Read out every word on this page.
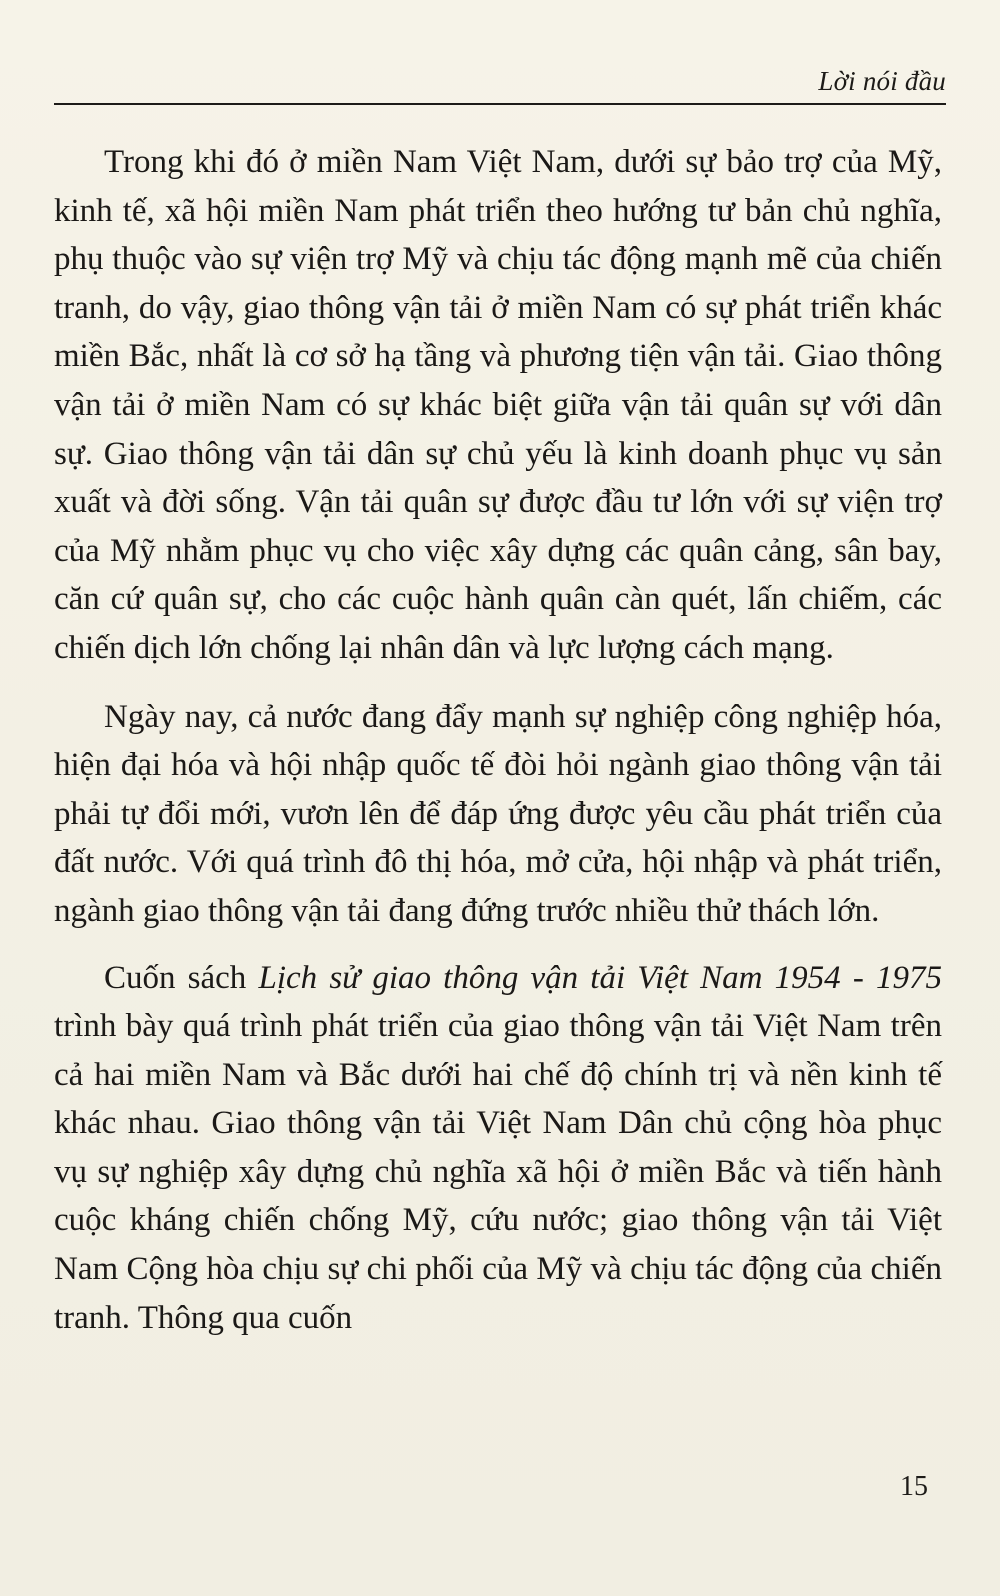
Lời nói đầu

Trong khi đó ở miền Nam Việt Nam, dưới sự bảo trợ của Mỹ, kinh tế, xã hội miền Nam phát triển theo hướng tư bản chủ nghĩa, phụ thuộc vào sự viện trợ Mỹ và chịu tác động mạnh mẽ của chiến tranh, do vậy, giao thông vận tải ở miền Nam có sự phát triển khác miền Bắc, nhất là cơ sở hạ tầng và phương tiện vận tải. Giao thông vận tải ở miền Nam có sự khác biệt giữa vận tải quân sự với dân sự. Giao thông vận tải dân sự chủ yếu là kinh doanh phục vụ sản xuất và đời sống. Vận tải quân sự được đầu tư lớn với sự viện trợ của Mỹ nhằm phục vụ cho việc xây dựng các quân cảng, sân bay, căn cứ quân sự, cho các cuộc hành quân càn quét, lấn chiếm, các chiến dịch lớn chống lại nhân dân và lực lượng cách mạng.

Ngày nay, cả nước đang đẩy mạnh sự nghiệp công nghiệp hóa, hiện đại hóa và hội nhập quốc tế đòi hỏi ngành giao thông vận tải phải tự đổi mới, vươn lên để đáp ứng được yêu cầu phát triển của đất nước. Với quá trình đô thị hóa, mở cửa, hội nhập và phát triển, ngành giao thông vận tải đang đứng trước nhiều thử thách lớn.

Cuốn sách Lịch sử giao thông vận tải Việt Nam 1954 - 1975 trình bày quá trình phát triển của giao thông vận tải Việt Nam trên cả hai miền Nam và Bắc dưới hai chế độ chính trị và nền kinh tế khác nhau. Giao thông vận tải Việt Nam Dân chủ cộng hòa phục vụ sự nghiệp xây dựng chủ nghĩa xã hội ở miền Bắc và tiến hành cuộc kháng chiến chống Mỹ, cứu nước; giao thông vận tải Việt Nam Cộng hòa chịu sự chi phối của Mỹ và chịu tác động của chiến tranh. Thông qua cuốn

15
